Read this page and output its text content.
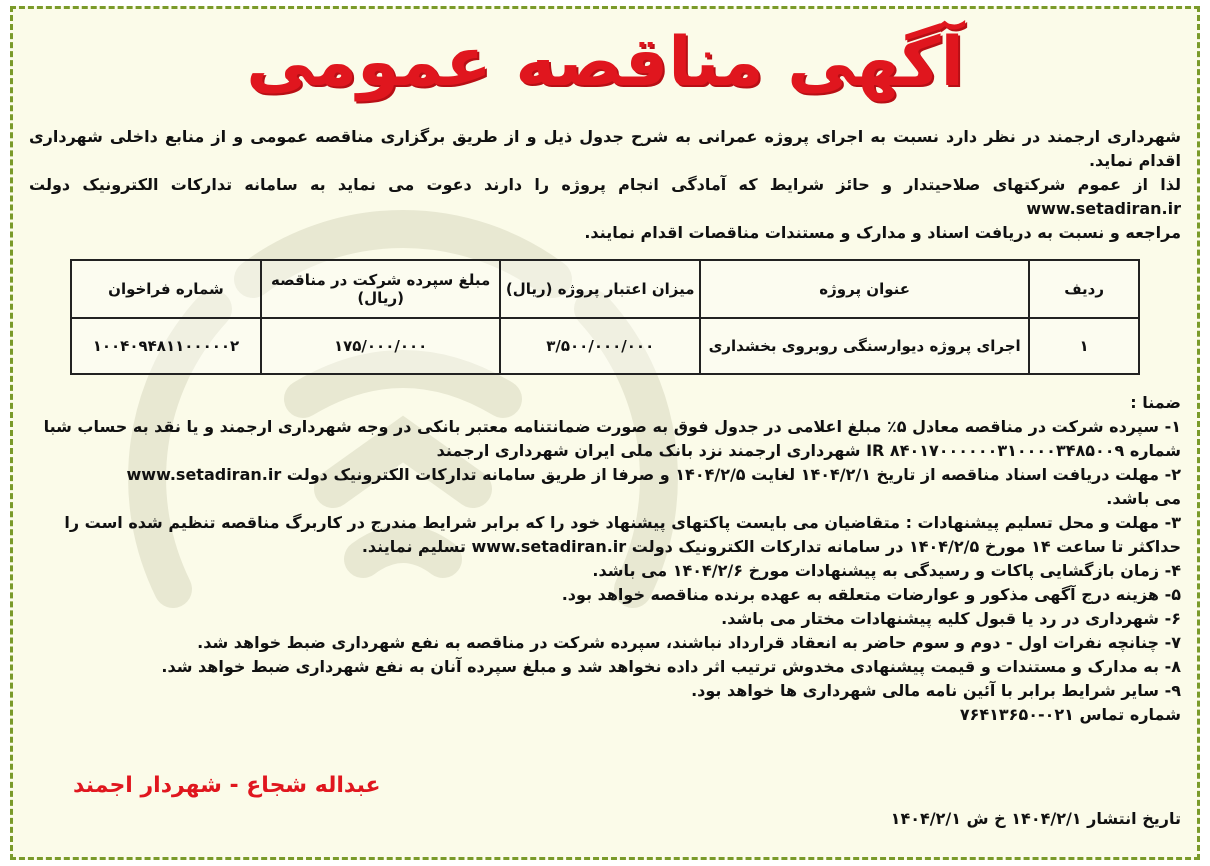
آگهی مناقصه عمومی

شهرداری ارجمند در نظر دارد نسبت به اجرای پروژه عمرانی به شرح جدول ذیل و از طریق برگزاری مناقصه عمومی و از منابع داخلی شهرداری اقدام نماید.

لذا از عموم شرکتهای صلاحیتدار و حائز شرایط که آمادگی انجام پروژه را دارند دعوت می نماید به سامانه تدارکات الکترونیک دولت www.setadiran.ir

مراجعه و نسبت به دریافت اسناد و مدارک و مستندات مناقصات اقدام نمایند.

ردیف	عنوان پروژه	میزان اعتبار پروژه (ریال)	مبلغ سپرده شرکت در مناقصه (ریال)	شماره فراخوان
۱	اجرای پروژه دیوارسنگی روبروی بخشداری	۳/۵۰۰/۰۰۰/۰۰۰	۱۷۵/۰۰۰/۰۰۰	۱۰۰۴۰۹۴۸۱۱۰۰۰۰۰۲

ضمنا :

۱- سپرده شرکت در مناقصه معادل ۵٪ مبلغ اعلامی در جدول فوق به صورت ضمانتنامه معتبر بانکی در وجه شهرداری ارجمند و یا نقد به حساب شبا

شماره IR ۸۴۰۱۷۰۰۰۰۰۰۳۱۰۰۰۰۳۴۸۵۰۰۹ شهرداری ارجمند نزد بانک ملی ایران شهرداری ارجمند

۲- مهلت دریافت اسناد مناقصه از تاریخ ۱۴۰۴/۲/۱ لغایت ۱۴۰۴/۲/۵ و صرفا از طریق سامانه تدارکات الکترونیک دولت www.setadiran.ir

می باشد.

۳- مهلت و محل تسلیم پیشنهادات : متقاضیان می بایست پاکتهای پیشنهاد خود را که برابر شرایط مندرج در کاربرگ مناقصه تنظیم شده است را

حداکثر تا ساعت ۱۴ مورخ ۱۴۰۴/۲/۵ در سامانه تدارکات الکترونیک دولت www.setadiran.ir تسلیم نمایند.

۴- زمان بازگشایی پاکات و رسیدگی به پیشنهادات مورخ ۱۴۰۴/۲/۶ می باشد.

۵- هزینه درج آگهی مذکور و عوارضات متعلقه به عهده برنده مناقصه خواهد بود.

۶- شهرداری در رد یا قبول کلیه پیشنهادات مختار می باشد.

۷- چنانچه نفرات اول - دوم و سوم حاضر به انعقاد قرارداد نباشند، سپرده شرکت در مناقصه به نفع شهرداری ضبط خواهد شد.

۸- به مدارک و مستندات و قیمت پیشنهادی مخدوش ترتیب اثر داده نخواهد شد و مبلغ سپرده آنان به نفع شهرداری ضبط خواهد شد.

۹- سایر شرایط برابر با آئین نامه مالی شهرداری ها خواهد بود.

شماره تماس ۰۲۱-۷۶۴۱۳۶۵۰

عبداله شجاع - شهردار اجمند
تاریخ انتشار ۱۴۰۴/۲/۱ خ ش ۱۴۰۴/۲/۱
